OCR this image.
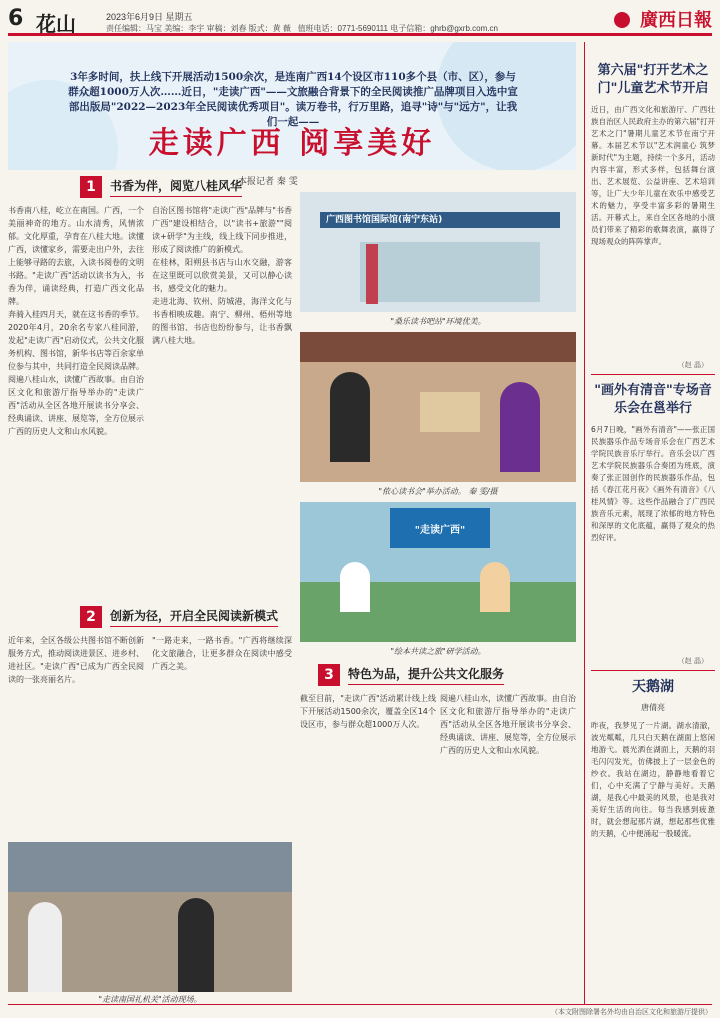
6 花山	2023年6月9日 星期五
责任编辑：马宝 美编：李宇 审稿：刘春 版式：黄 薇 值班电话：0771-5690111 电子信箱：ghrb@gxrb.com.cn	廣西日報
3年多时间，扶上线下开展活动1500余次，是连南广西14个设区市110多个县（市、区），参与群众超1000万人次……近日，"走读广西"——文旅融合背景下的全民阅读推广品牌项目入选中宣部出版局"2022—2023年全民阅读优秀项目"。读万卷书，行万里路，追寻"诗"与"远方"，让我们一起——
走读广西 阅享美好
本报记者 秦 雯
1	书香为伴，阅览八桂风华

书香南八桂，屹立在南国。广西，一个美丽神奇的地方。山水清秀，风情浓郁。文化厚重，孕育在八桂大地。读懂广西，读懂家乡，需要走出户外，去往上能够寻路的去旅，入读书阅卷的文明书路。"走读广西"活动以读书为入，书香为伴，诵读经典，打造广西文化品牌。

奔骑入桂四月天，就在这书香的季节。2020年4月，20余名专家八桂同游，发起"走读广西"启动仪式，公共文化服务机构、图书馆，新华书店等百余家单位参与其中，共同打造全民阅读品牌。

阅遍八桂山水，读懂广西故事。由自治区文化和旅游厅指导举办的"走读广西"活动从全区各地开展读书分享会、经典诵读、讲座、展览等，全方位展示广西的历史人文和山水风貌。

自治区图书馆将"走读广西"品牌与"书香广西"建设相结合，以"读书+旅游""阅读+研学"为主线，线上线下同步推进，形成了阅读推广的新模式。

在桂林，阳朔县书店与山水交融，游客在这里既可以欣赏美景，又可以静心读书，感受文化的魅力。

走进北海、钦州、防城港，海洋文化与书香相映成趣。南宁、柳州、梧州等地的图书馆、书店也纷纷参与，让书香飘满八桂大地。

广西图书馆国际馆(南宁东站)
"桑乐读书吧站"环境优美。
"侬心读书会"举办活动。 秦 雯/摄
"走读广西"
"绘本共读之旅"研学活动。
2	创新为径，开启全民阅读新模式

近年来，全区各级公共图书馆不断创新服务方式，推动阅读进景区、进乡村、进社区。"走读广西"已成为广西全民阅读的一张亮丽名片。

"一路走来，一路书香。"广西将继续深化文旅融合，让更多群众在阅读中感受广西之美。

3	特色为品，提升公共文化服务

截至目前，"走读广西"活动累计线上线下开展活动1500余次，覆盖全区14个设区市，参与群众超1000万人次。

阅遍八桂山水，读懂广西故事。由自治区文化和旅游厅指导举办的"走读广西"活动从全区各地开展读书分享会、经典诵读、讲座、展览等，全方位展示广西的历史人文和山水风貌。

"走读南国礼机关"活动现场。
第六届"打开艺术之门"儿童艺术节开启
近日，由广西文化和旅游厅、广西壮族自治区人民政府主办的第六届"打开艺术之门"暑期儿童艺术节在南宁开幕。本届艺术节以"艺术润童心 筑梦新时代"为主题，持续一个多月，活动内容丰富，形式多样，包括舞台演出、艺术展览、公益讲座、艺术培训等，让广大少年儿童在欢乐中感受艺术的魅力，享受丰富多彩的暑期生活。开幕式上，来自全区各地的小演员们带来了精彩的歌舞表演，赢得了现场观众的阵阵掌声。
（赵 晶）
"画外有清音"专场音乐会在邕举行
6月7日晚，"画外有清音"——张正国民族器乐作品专场音乐会在广西艺术学院民族音乐厅举行。音乐会以广西艺术学院民族器乐合奏团为班底，演奏了张正国创作的民族器乐作品，包括《春江花月夜》《画外有清音》《八桂风情》等。这些作品融合了广西民族音乐元素，展现了浓郁的地方特色和深厚的文化底蕴，赢得了观众的热烈好评。
（赵 晶）
天鹅湖
唐倩亮
昨夜，我梦见了一片湖。湖水清澈，波光粼粼，几只白天鹅在湖面上悠闲地游弋。晨光洒在湖面上，天鹅的羽毛闪闪发光，仿佛披上了一层金色的纱衣。我站在湖边，静静地看着它们，心中充满了宁静与美好。天鹅湖，是我心中最美的风景，也是我对美好生活的向往。每当我感到疲惫时，就会想起那片湖，想起那些优雅的天鹅，心中便涌起一股暖流。
（本文附图除署名外均由自治区文化和旅游厅提供）
